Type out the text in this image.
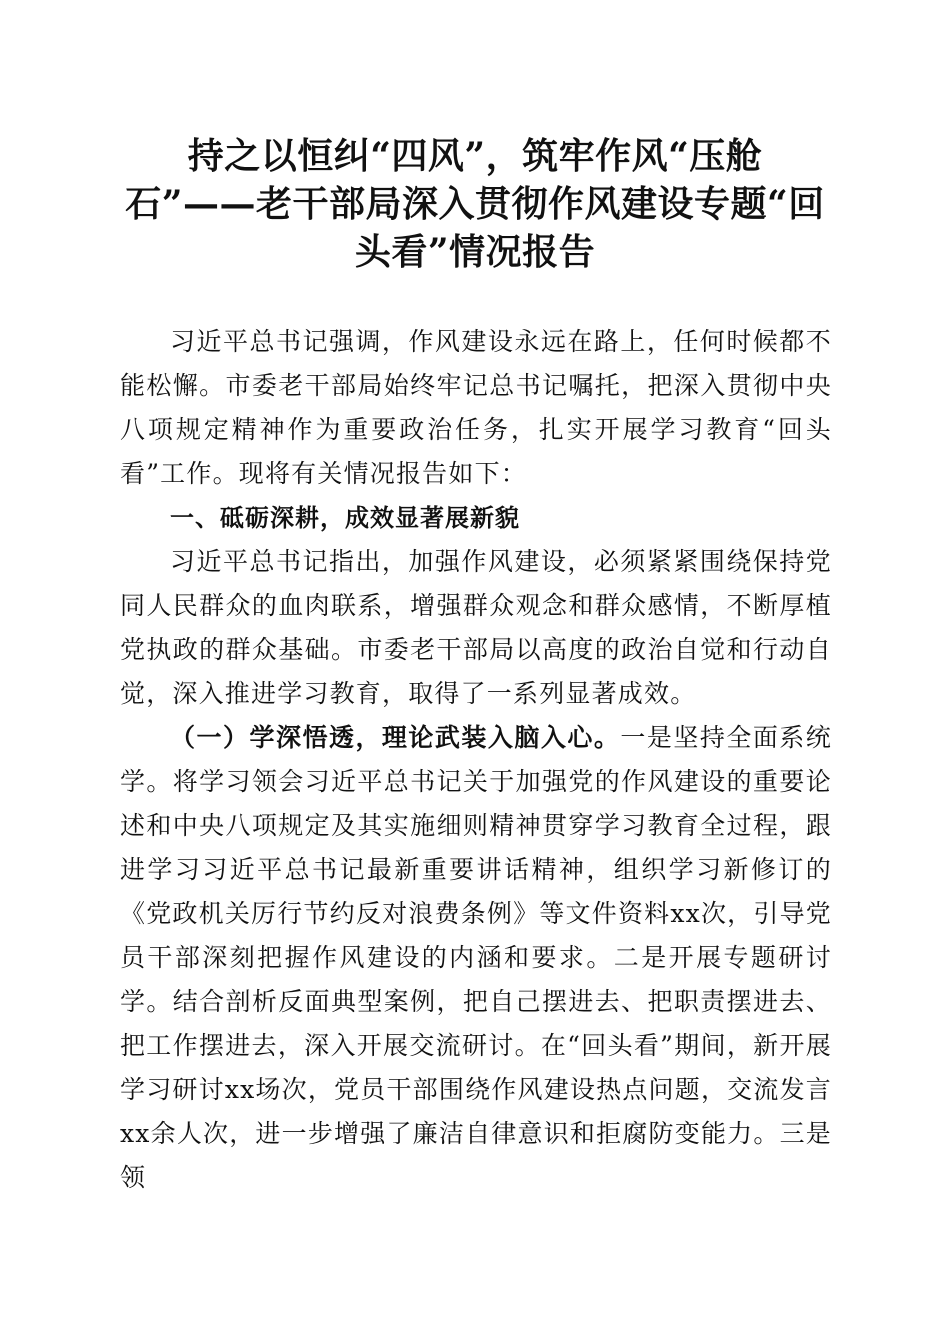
持之以恒纠“四风”，筑牢作风“压舱
石”——老干部局深入贯彻作风建设专题“回
头看”情况报告

习近平总书记强调，作风建设永远在路上，任何时候都不能松懈。市委老干部局始终牢记总书记嘱托，把深入贯彻中央八项规定精神作为重要政治任务，扎实开展学习教育“回头看”工作。现将有关情况报告如下：

一、砥砺深耕，成效显著展新貌

习近平总书记指出，加强作风建设，必须紧紧围绕保持党同人民群众的血肉联系，增强群众观念和群众感情，不断厚植党执政的群众基础。市委老干部局以高度的政治自觉和行动自觉，深入推进学习教育，取得了一系列显著成效。

（一）学深悟透，理论武装入脑入心。一是坚持全面系统学。将学习领会习近平总书记关于加强党的作风建设的重要论述和中央八项规定及其实施细则精神贯穿学习教育全过程，跟进学习习近平总书记最新重要讲话精神，组织学习新修订的《党政机关厉行节约反对浪费条例》等文件资料xx次，引导党员干部深刻把握作风建设的内涵和要求。二是开展专题研讨学。结合剖析反面典型案例，把自己摆进去、把职责摆进去、把工作摆进去，深入开展交流研讨。在“回头看”期间，新开展学习研讨xx场次，党员干部围绕作风建设热点问题，交流发言xx余人次，进一步增强了廉洁自律意识和拒腐防变能力。三是领
